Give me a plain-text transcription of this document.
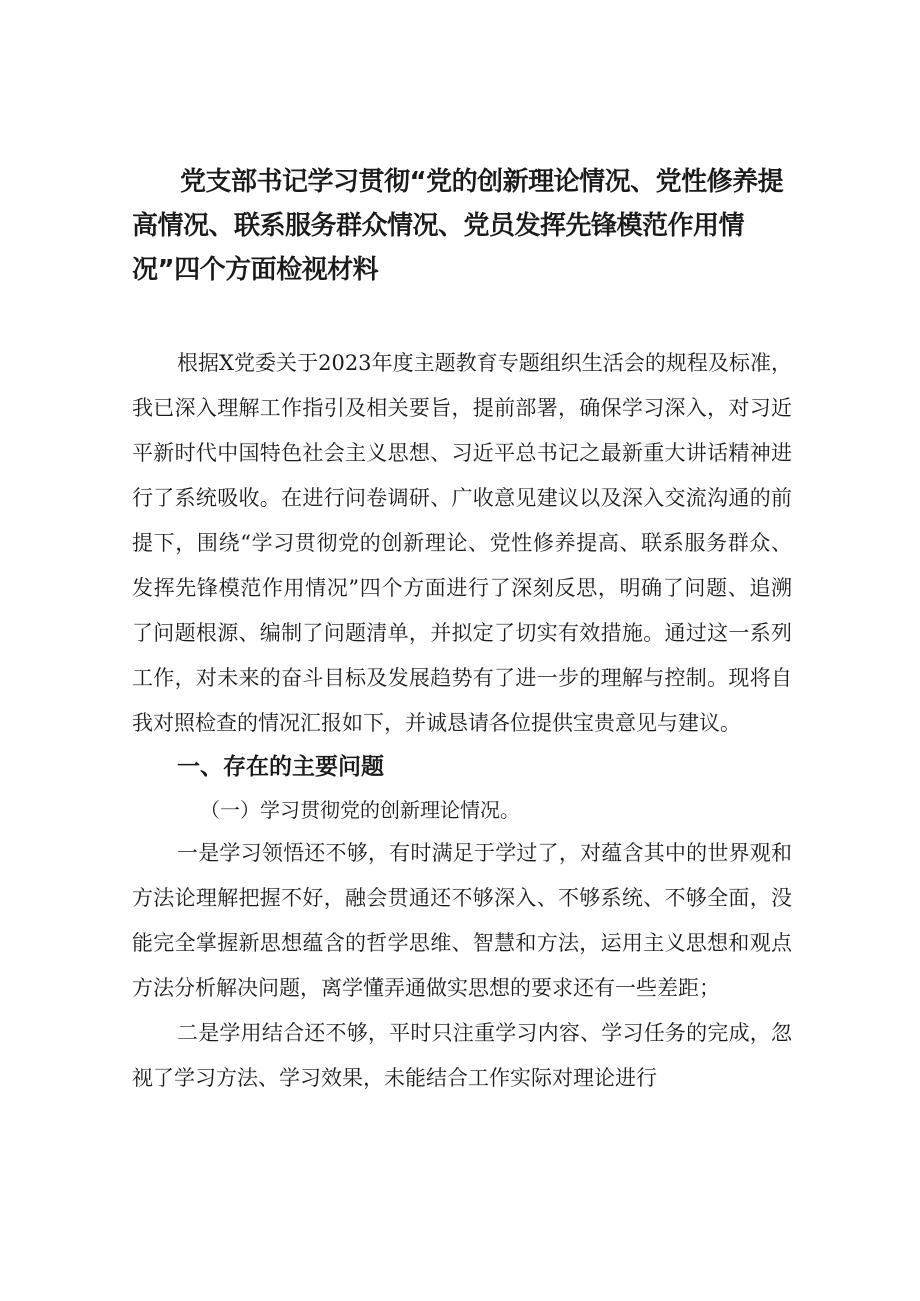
党支部书记学习贯彻“党的创新理论情况、党性修养提高情况、联系服务群众情况、党员发挥先锋模范作用情况”四个方面检视材料

根据X党委关于2023年度主题教育专题组织生活会的规程及标准，我已深入理解工作指引及相关要旨，提前部署，确保学习深入，对习近平新时代中国特色社会主义思想、习近平总书记之最新重大讲话精神进行了系统吸收。在进行问卷调研、广收意见建议以及深入交流沟通的前提下，围绕“学习贯彻党的创新理论、党性修养提高、联系服务群众、发挥先锋模范作用情况”四个方面进行了深刻反思，明确了问题、追溯了问题根源、编制了问题清单，并拟定了切实有效措施。通过这一系列工作，对未来的奋斗目标及发展趋势有了进一步的理解与控制。现将自我对照检查的情况汇报如下，并诚恳请各位提供宝贵意见与建议。

一、存在的主要问题

（一）学习贯彻党的创新理论情况。

一是学习领悟还不够，有时满足于学过了，对蕴含其中的世界观和方法论理解把握不好，融会贯通还不够深入、不够系统、不够全面，没能完全掌握新思想蕴含的哲学思维、智慧和方法，运用主义思想和观点方法分析解决问题，离学懂弄通做实思想的要求还有一些差距；

二是学用结合还不够，平时只注重学习内容、学习任务的完成，忽视了学习方法、学习效果，未能结合工作实际对理论进行
